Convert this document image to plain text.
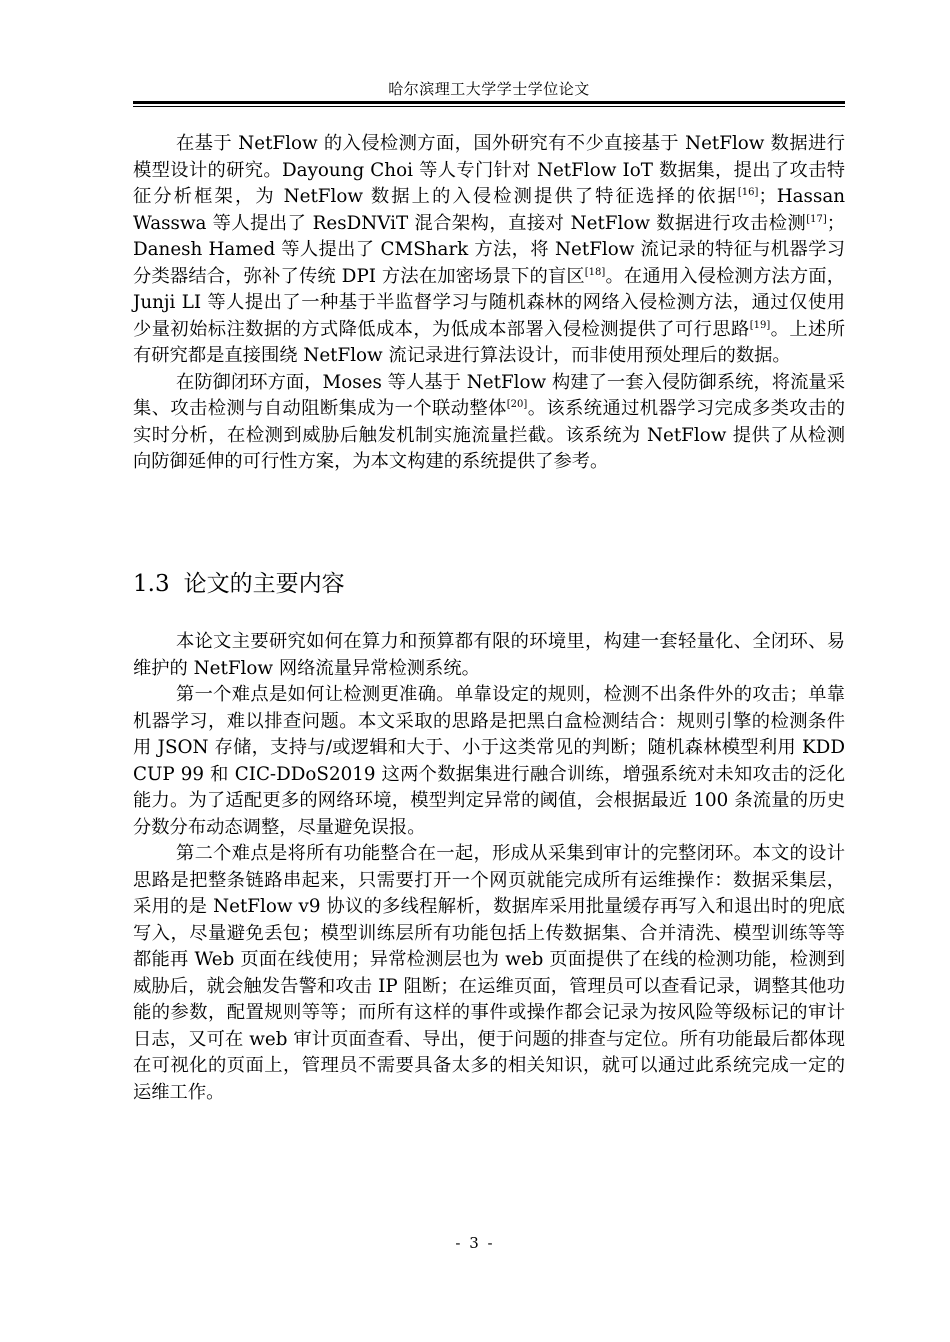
哈尔滨理工大学学士学位论文

在基于 NetFlow 的入侵检测方面，国外研究有不少直接基于 NetFlow 数据进行模型设计的研究。Dayoung Choi 等人专门针对 NetFlow IoT 数据集，提出了攻击特征分析框架，为 NetFlow 数据上的入侵检测提供了特征选择的依据[16]；Hassan Wasswa 等人提出了 ResDNViT 混合架构，直接对 NetFlow 数据进行攻击检测[17]；Danesh Hamed 等人提出了 CMShark 方法，将 NetFlow 流记录的特征与机器学习分类器结合，弥补了传统 DPI 方法在加密场景下的盲区[18]。在通用入侵检测方法方面，Junji LI 等人提出了一种基于半监督学习与随机森林的网络入侵检测方法，通过仅使用少量初始标注数据的方式降低成本，为低成本部署入侵检测提供了可行思路[19]。上述所有研究都是直接围绕 NetFlow 流记录进行算法设计，而非使用预处理后的数据。

在防御闭环方面，Moses 等人基于 NetFlow 构建了一套入侵防御系统，将流量采集、攻击检测与自动阻断集成为一个联动整体[20]。该系统通过机器学习完成多类攻击的实时分析，在检测到威胁后触发机制实施流量拦截。该系统为 NetFlow 提供了从检测向防御延伸的可行性方案，为本文构建的系统提供了参考。

1.3 论文的主要内容

本论文主要研究如何在算力和预算都有限的环境里，构建一套轻量化、全闭环、易维护的 NetFlow 网络流量异常检测系统。

第一个难点是如何让检测更准确。单靠设定的规则，检测不出条件外的攻击；单靠机器学习，难以排查问题。本文采取的思路是把黑白盒检测结合：规则引擎的检测条件用 JSON 存储，支持与/或逻辑和大于、小于这类常见的判断；随机森林模型利用 KDD CUP 99 和 CIC-DDoS2019 这两个数据集进行融合训练，增强系统对未知攻击的泛化能力。为了适配更多的网络环境，模型判定异常的阈值，会根据最近 100 条流量的历史分数分布动态调整，尽量避免误报。

第二个难点是将所有功能整合在一起，形成从采集到审计的完整闭环。本文的设计思路是把整条链路串起来，只需要打开一个网页就能完成所有运维操作：数据采集层，采用的是 NetFlow v9 协议的多线程解析，数据库采用批量缓存再写入和退出时的兜底写入，尽量避免丢包；模型训练层所有功能包括上传数据集、合并清洗、模型训练等等都能再 Web 页面在线使用；异常检测层也为 web 页面提供了在线的检测功能，检测到威胁后，就会触发告警和攻击 IP 阻断；在运维页面，管理员可以查看记录，调整其他功能的参数，配置规则等等；而所有这样的事件或操作都会记录为按风险等级标记的审计日志，又可在 web 审计页面查看、导出，便于问题的排查与定位。所有功能最后都体现在可视化的页面上，管理员不需要具备太多的相关知识，就可以通过此系统完成一定的运维工作。

- 3 -
